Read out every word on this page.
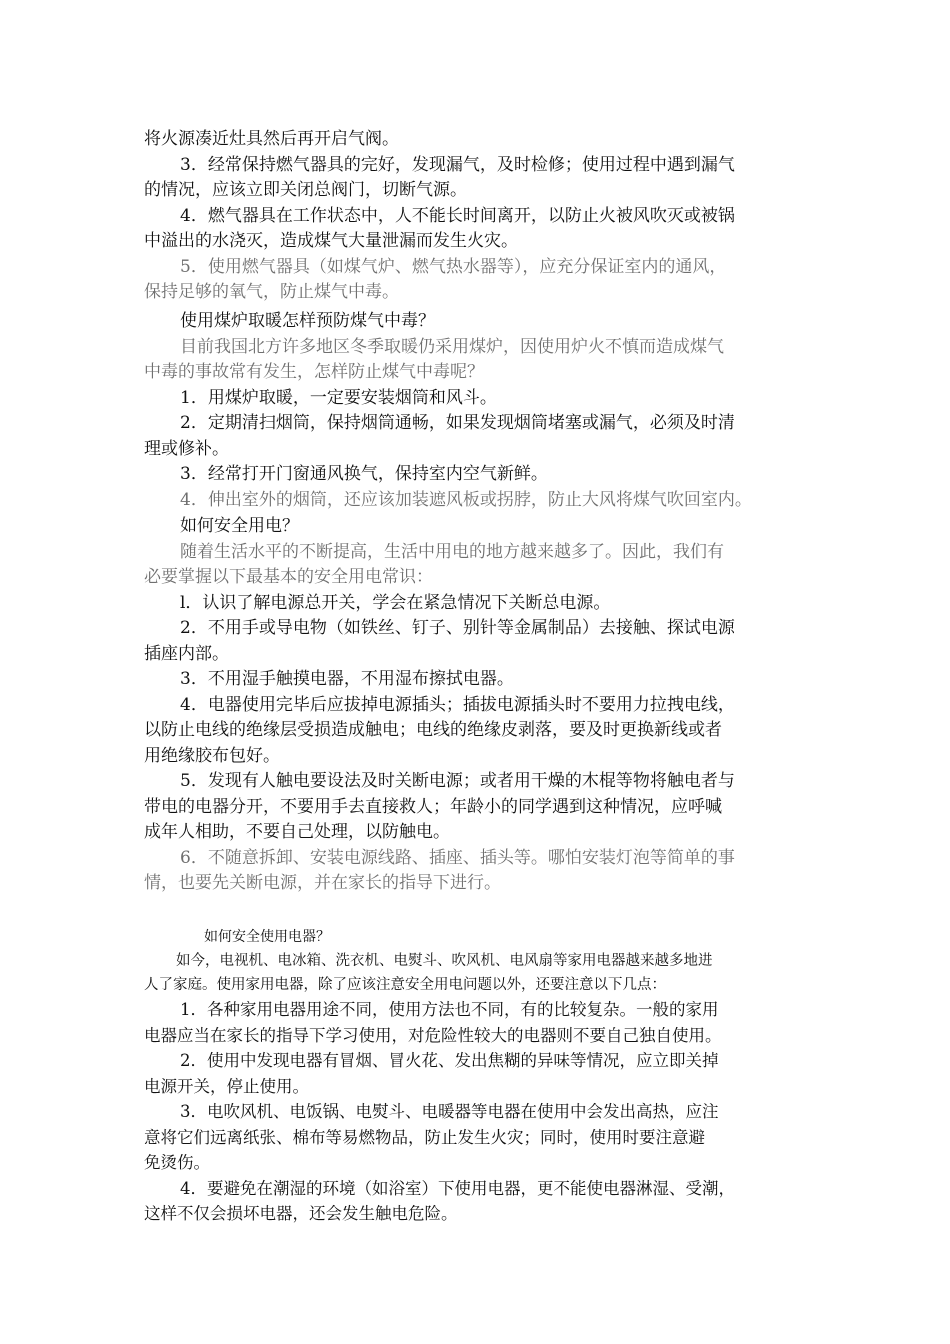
将火源凑近灶具然后再开启气阀。

3．经常保持燃气器具的完好，发现漏气，及时检修；使用过程中遇到漏气

的情况，应该立即关闭总阀门，切断气源。

4．燃气器具在工作状态中，人不能长时间离开，以防止火被风吹灭或被锅

中溢出的水浇灭，造成煤气大量泄漏而发生火灾。

5．使用燃气器具（如煤气炉、燃气热水器等），应充分保证室内的通风，

保持足够的氧气，防止煤气中毒。

使用煤炉取暖怎样预防煤气中毒？

目前我国北方许多地区冬季取暖仍采用煤炉，因使用炉火不慎而造成煤气

中毒的事故常有发生，怎样防止煤气中毒呢？

1．用煤炉取暖，一定要安装烟筒和风斗。

2．定期清扫烟筒，保持烟筒通畅，如果发现烟筒堵塞或漏气，必须及时清

理或修补。

3．经常打开门窗通风换气，保持室内空气新鲜。

4．伸出室外的烟筒，还应该加装遮风板或拐脖，防止大风将煤气吹回室内。

如何安全用电？

随着生活水平的不断提高，生活中用电的地方越来越多了。因此，我们有

必要掌握以下最基本的安全用电常识：

l．认识了解电源总开关，学会在紧急情况下关断总电源。

2．不用手或导电物（如铁丝、钉子、别针等金属制品）去接触、探试电源

插座内部。

3．不用湿手触摸电器，不用湿布擦拭电器。

4．电器使用完毕后应拔掉电源插头；插拔电源插头时不要用力拉拽电线，

以防止电线的绝缘层受损造成触电；电线的绝缘皮剥落，要及时更换新线或者

用绝缘胶布包好。

5．发现有人触电要设法及时关断电源；或者用干燥的木棍等物将触电者与

带电的电器分开，不要用手去直接救人；年龄小的同学遇到这种情况，应呼喊

成年人相助，不要自己处理，以防触电。

6．不随意拆卸、安装电源线路、插座、插头等。哪怕安装灯泡等简单的事

情，也要先关断电源，并在家长的指导下进行。

如何安全使用电器？

如今，电视机、电冰箱、洗衣机、电熨斗、吹风机、电风扇等家用电器越来越多地进

人了家庭。使用家用电器，除了应该注意安全用电问题以外，还要注意以下几点：

1．各种家用电器用途不同，使用方法也不同，有的比较复杂。一般的家用

电器应当在家长的指导下学习使用，对危险性较大的电器则不要自己独自使用。

2．使用中发现电器有冒烟、冒火花、发出焦糊的异味等情况，应立即关掉

电源开关，停止使用。

3．电吹风机、电饭锅、电熨斗、电暖器等电器在使用中会发出高热，应注

意将它们远离纸张、棉布等易燃物品，防止发生火灾；同时，使用时要注意避

免烫伤。

4．要避免在潮湿的环境（如浴室）下使用电器，更不能使电器淋湿、受潮，

这样不仅会损坏电器，还会发生触电危险。
